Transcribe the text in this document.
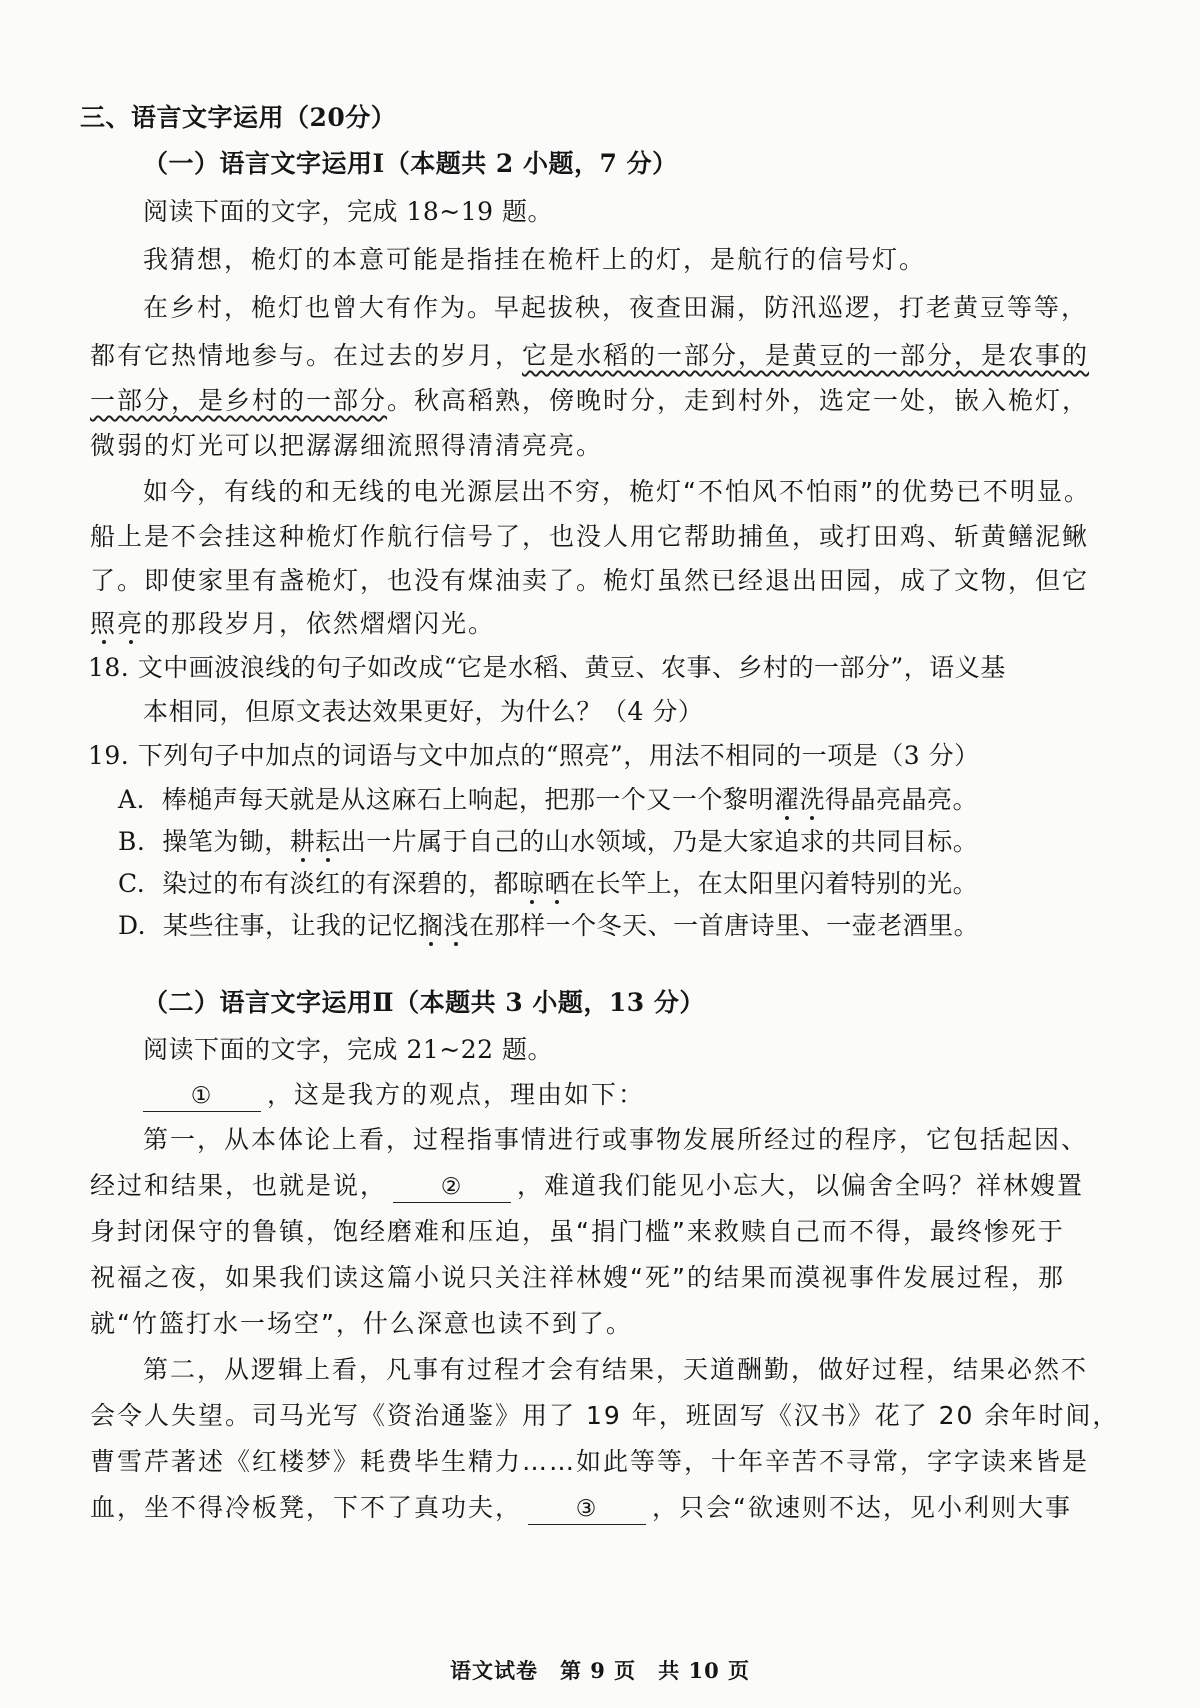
三、语言文字运用（20分）
（一）语言文字运用Ⅰ（本题共 2 小题，7 分）
阅读下面的文字，完成 18~19 题。
我猜想，桅灯的本意可能是指挂在桅杆上的灯，是航行的信号灯。
在乡村，桅灯也曾大有作为。早起拔秧，夜查田漏，防汛巡逻，打老黄豆等等，
都有它热情地参与。在过去的岁月，它是水稻的一部分，是黄豆的一部分，是农事的
一部分，是乡村的一部分。秋高稻熟，傍晚时分，走到村外，选定一处，嵌入桅灯，
微弱的灯光可以把潺潺细流照得清清亮亮。
如今，有线的和无线的电光源层出不穷，桅灯“不怕风不怕雨”的优势已不明显。
船上是不会挂这种桅灯作航行信号了，也没人用它帮助捕鱼，或打田鸡、斩黄鳝泥鳅
了。即使家里有盏桅灯，也没有煤油卖了。桅灯虽然已经退出田园，成了文物，但它
照亮的那段岁月，依然熠熠闪光。
18. 文中画波浪线的句子如改成“它是水稻、黄豆、农事、乡村的一部分”，语义基
本相同，但原文表达效果更好，为什么？（4 分）
19. 下列句子中加点的词语与文中加点的“照亮”，用法不相同的一项是（3 分）
A. 棒槌声每天就是从这麻石上响起，把那一个又一个黎明濯洗得晶亮晶亮。
B. 操笔为锄，耕耘出一片属于自己的山水领域，乃是大家追求的共同目标。
C. 染过的布有淡红的有深碧的，都晾晒在长竿上，在太阳里闪着特别的光。
D. 某些往事，让我的记忆搁浅在那样一个冬天、一首唐诗里、一壶老酒里。
（二）语言文字运用Ⅱ（本题共 3 小题，13 分）
阅读下面的文字，完成 21~22 题。
① ，这是我方的观点，理由如下：
第一，从本体论上看，过程指事情进行或事物发展所经过的程序，它包括起因、
经过和结果，也就是说， ② ，难道我们能见小忘大，以偏舍全吗？祥林嫂置
身封闭保守的鲁镇，饱经磨难和压迫，虽“捐门槛”来救赎自己而不得，最终惨死于
祝福之夜，如果我们读这篇小说只关注祥林嫂“死”的结果而漠视事件发展过程，那
就“竹篮打水一场空”，什么深意也读不到了。
第二，从逻辑上看，凡事有过程才会有结果，天道酬勤，做好过程，结果必然不
会令人失望。司马光写《资治通鉴》用了 19 年，班固写《汉书》花了 20 余年时间，
曹雪芹著述《红楼梦》耗费毕生精力……如此等等，十年辛苦不寻常，字字读来皆是
血，坐不得冷板凳，下不了真功夫， ③ ，只会“欲速则不达，见小利则大事
语文试卷　第 9 页　共 10 页
